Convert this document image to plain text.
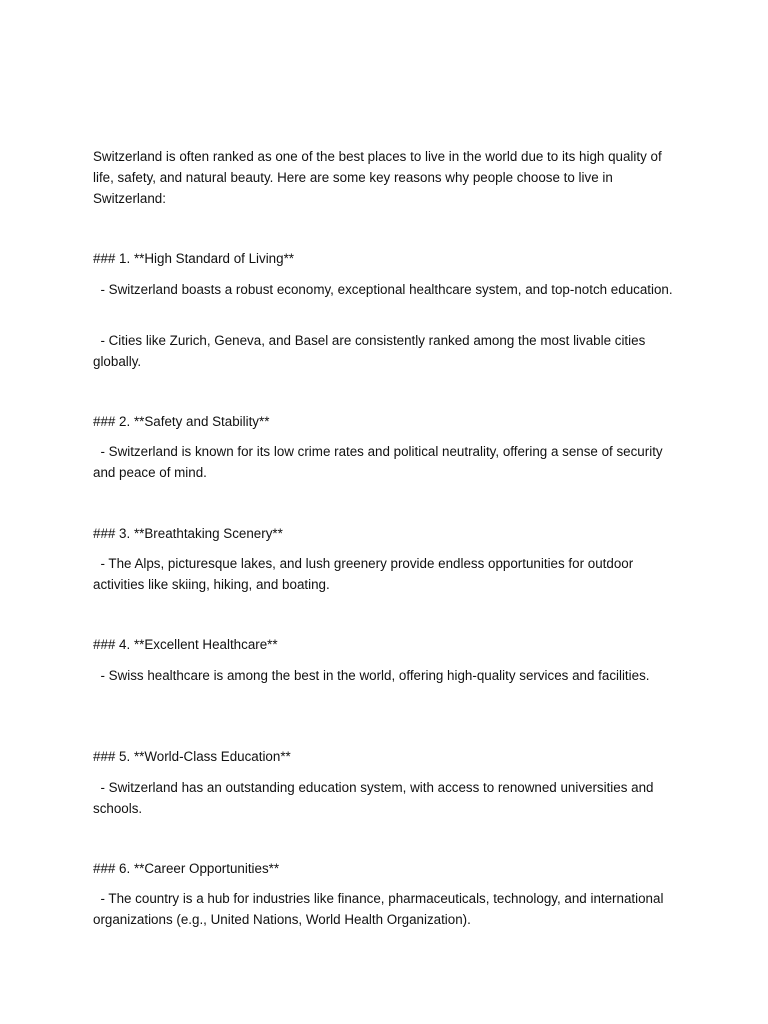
Switzerland is often ranked as one of the best places to live in the world due to its high quality of life, safety, and natural beauty. Here are some key reasons why people choose to live in Switzerland:

### 1. **High Standard of Living**

- Switzerland boasts a robust economy, exceptional healthcare system, and top-notch education.

- Cities like Zurich, Geneva, and Basel are consistently ranked among the most livable cities globally.

### 2. **Safety and Stability**

- Switzerland is known for its low crime rates and political neutrality, offering a sense of security and peace of mind.

### 3. **Breathtaking Scenery**

- The Alps, picturesque lakes, and lush greenery provide endless opportunities for outdoor activities like skiing, hiking, and boating.

### 4. **Excellent Healthcare**

- Swiss healthcare is among the best in the world, offering high-quality services and facilities.

### 5. **World-Class Education**

- Switzerland has an outstanding education system, with access to renowned universities and schools.

### 6. **Career Opportunities**

- The country is a hub for industries like finance, pharmaceuticals, technology, and international organizations (e.g., United Nations, World Health Organization).
